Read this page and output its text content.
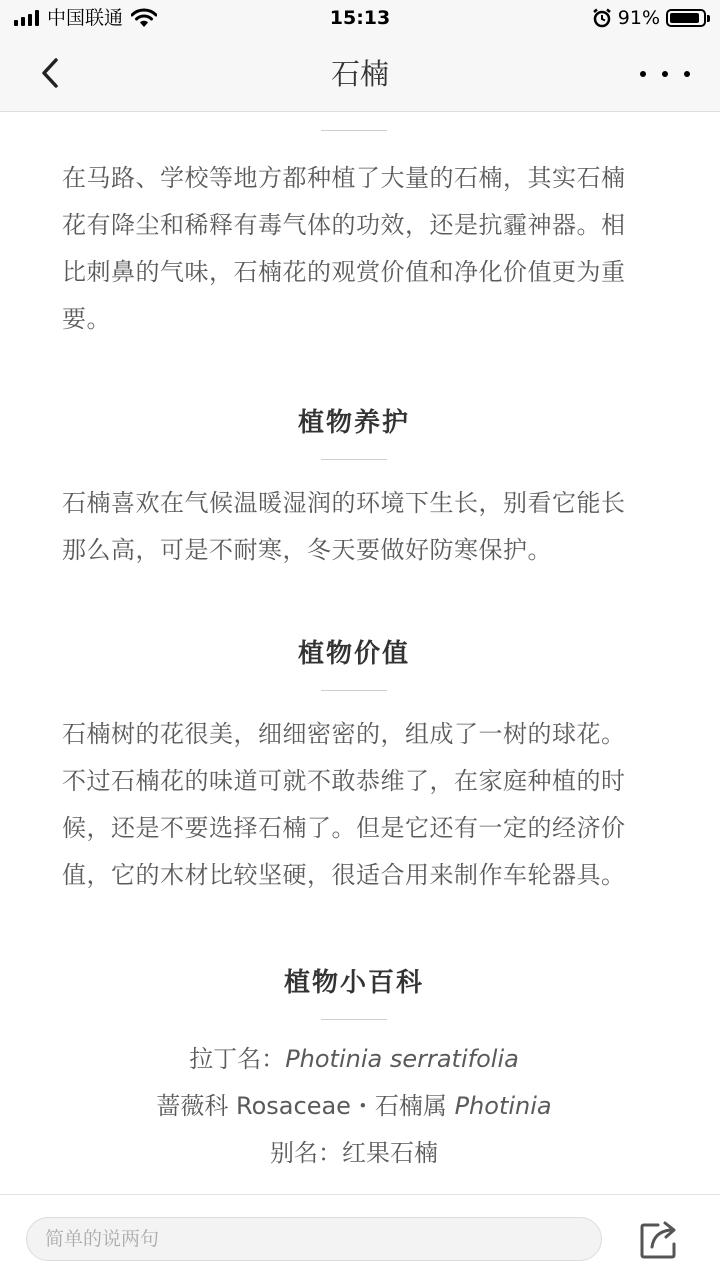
中国联通	15:13	91%
石楠

在马路、学校等地方都种植了大量的石楠，其实石楠花有降尘和稀释有毒气体的功效，还是抗霾神器。相比刺鼻的气味，石楠花的观赏价值和净化价值更为重要。

植物养护

石楠喜欢在气候温暖湿润的环境下生长，别看它能长那么高，可是不耐寒，冬天要做好防寒保护。

植物价值

石楠树的花很美，细细密密的，组成了一树的球花。不过石楠花的味道可就不敢恭维了，在家庭种植的时候，还是不要选择石楠了。但是它还有一定的经济价值，它的木材比较坚硬，很适合用来制作车轮器具。

植物小百科

拉丁名：Photinia serratifolia

蔷薇科 Rosaceae・石楠属 Photinia

别名：红果石楠

简单的说两句
